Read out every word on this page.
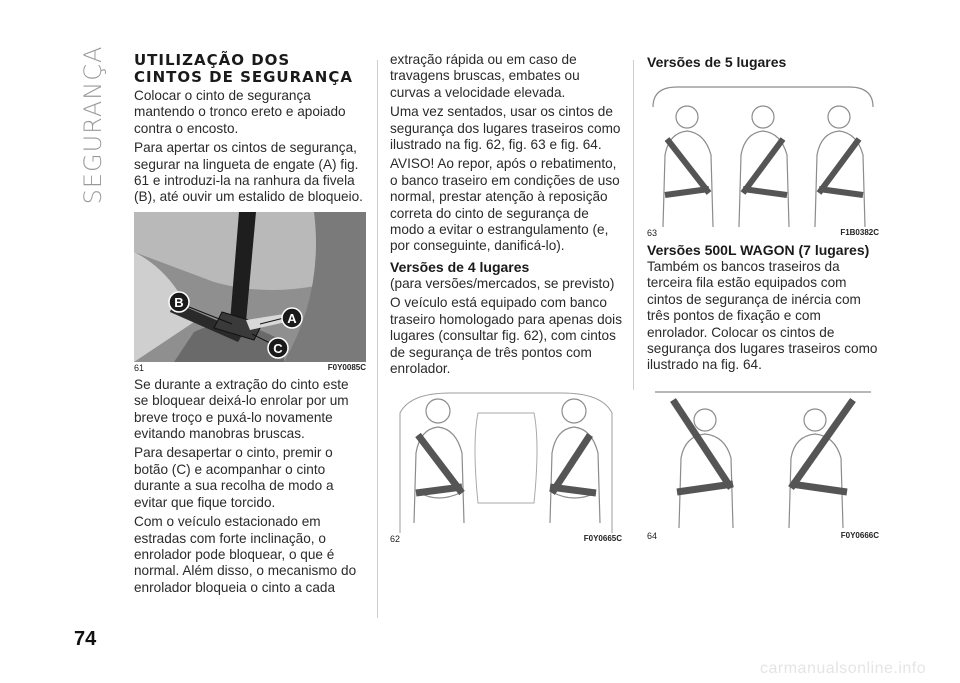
SEGURANÇA UTILIZAÇÃO DOS
CINTOS DE SEGURANÇA

Colocar o cinto de segurança mantendo o tronco ereto e apoiado contra o encosto.

Para apertar os cintos de segurança, segurar na lingueta de engate (A) fig. 61 e introduzi-la na ranhura da fivela (B), até ouvir um estalido de bloqueio.

B
A
C
61	F0Y0085C

Se durante a extração do cinto este se bloquear deixá-lo enrolar por um breve troço e puxá-lo novamente evitando manobras bruscas.

Para desapertar o cinto, premir o botão (C) e acompanhar o cinto durante a sua recolha de modo a evitar que fique torcido.

Com o veículo estacionado em estradas com forte inclinação, o enrolador pode bloquear, o que é normal. Além disso, o mecanismo do enrolador bloqueia o cinto a cada

extração rápida ou em caso de travagens bruscas, embates ou curvas a velocidade elevada.

Uma vez sentados, usar os cintos de segurança dos lugares traseiros como ilustrado na fig. 62, fig. 63 e fig. 64.

AVISO! Ao repor, após o rebatimento, o banco traseiro em condições de uso normal, prestar atenção à reposição correta do cinto de segurança de modo a evitar o estrangulamento (e, por conseguinte, danificá-lo).

Versões de 4 lugares

(para versões/mercados, se previsto)

O veículo está equipado com banco traseiro homologado para apenas dois lugares (consultar fig. 62), com cintos de segurança de três pontos com enrolador.

62	F0Y0665C
Versões de 5 lugares
63	F1B0382C
Versões 500L WAGON (7 lugares)

Também os bancos traseiros da terceira fila estão equipados com cintos de segurança de inércia com três pontos de fixação e com enrolador. Colocar os cintos de segurança dos lugares traseiros como ilustrado na fig. 64.

64	F0Y0666C
74
carmanualsonline.info
